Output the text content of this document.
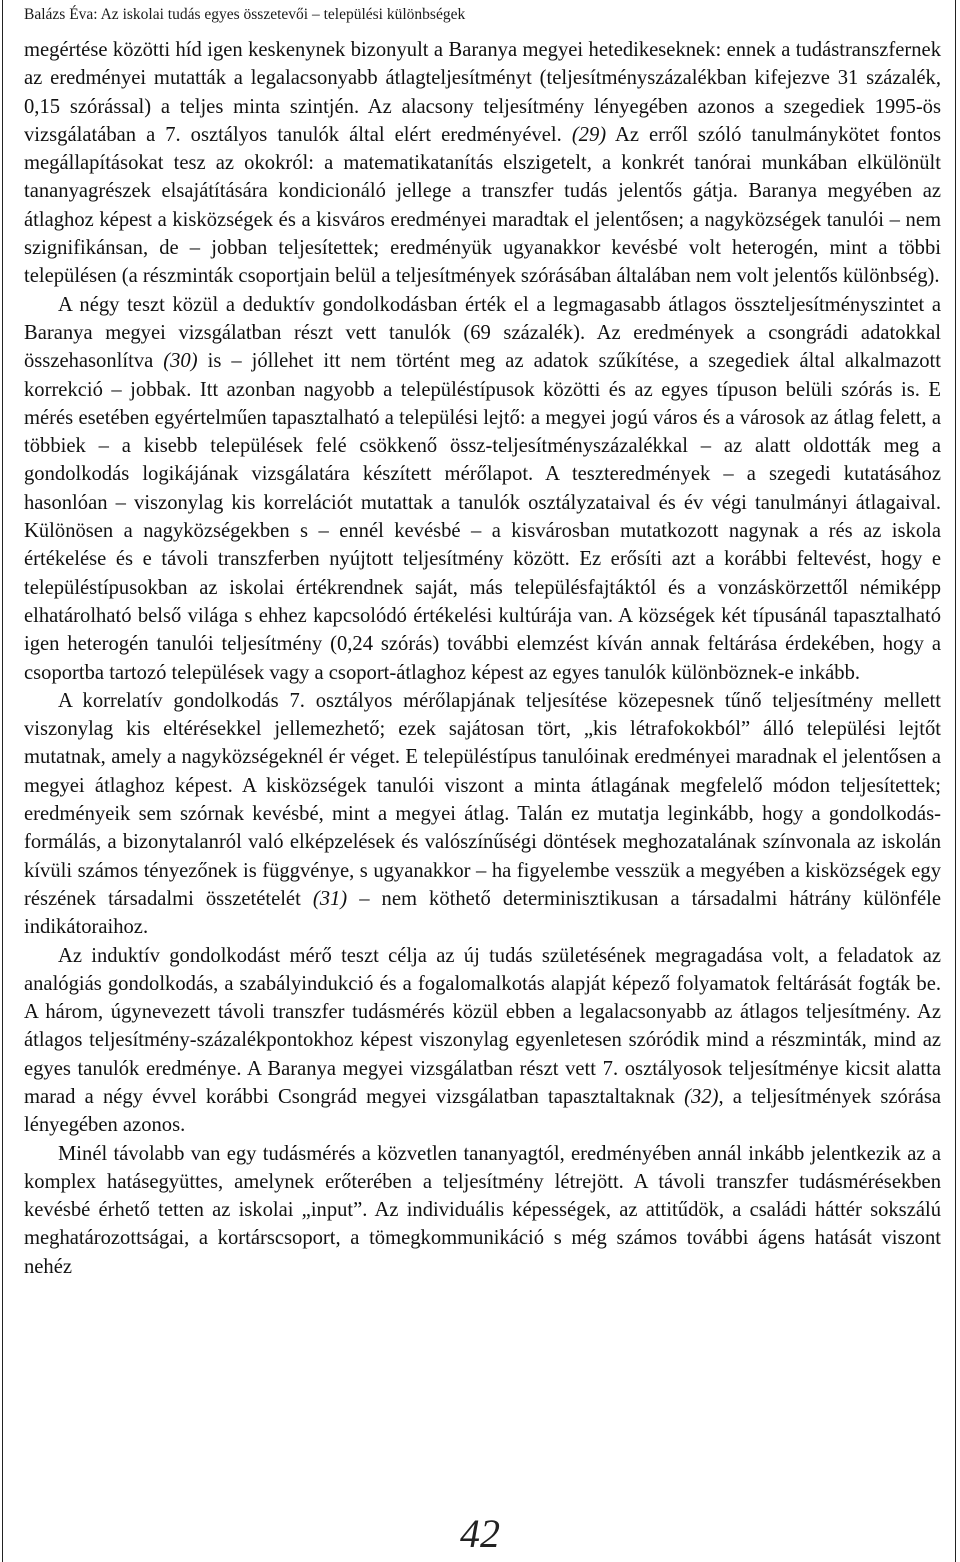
Balázs Éva: Az iskolai tudás egyes összetevői – települési különbségek

megértése közötti híd igen keskenynek bizonyult a Baranya megyei hetedikeseknek: ennek a tudástranszfernek az eredményei mutatták a legalacsonyabb átlagteljesítményt (teljesítményszázalékban kifejezve 31 százalék, 0,15 szórással) a teljes minta szintjén. Az alacsony teljesítmény lényegében azonos a szegediek 1995-ös vizsgálatában a 7. osztályos tanulók által elért eredményével. (29) Az erről szóló tanulmánykötet fontos megállapításokat tesz az okokról: a matematikatanítás elszigetelt, a konkrét tanórai munkában elkülönült tananyagrészek elsajátítására kondicionáló jellege a transzfer tudás jelentős gátja. Baranya megyében az átlaghoz képest a kisközségek és a kisváros eredményei maradtak el jelentősen; a nagyközségek tanulói – nem szignifikánsan, de – jobban teljesítettek; eredményük ugyanakkor kevésbé volt heterogén, mint a többi településen (a részminták csoportjain belül a teljesítmények szórásában általában nem volt jelentős különbség).

A négy teszt közül a deduktív gondolkodásban érték el a legmagasabb átlagos összteljesítményszintet a Baranya megyei vizsgálatban részt vett tanulók (69 százalék). Az eredmények a csongrádi adatokkal összehasonlítva (30) is – jóllehet itt nem történt meg az adatok szűkítése, a szegediek által alkalmazott korrekció – jobbak. Itt azonban nagyobb a településtípusok közötti és az egyes típuson belüli szórás is. E mérés esetében egyértelműen tapasztalható a települési lejtő: a megyei jogú város és a városok az átlag felett, a többiek – a kisebb települések felé csökkenő össz-teljesítményszázalékkal – az alatt oldották meg a gondolkodás logikájának vizsgálatára készített mérőlapot. A teszteredmények – a szegedi kutatásához hasonlóan – viszonylag kis korrelációt mutattak a tanulók osztályzataival és év végi tanulmányi átlagaival. Különösen a nagyközségekben s – ennél kevésbé – a kisvárosban mutatkozott nagynak a rés az iskola értékelése és e távoli transzferben nyújtott teljesítmény között. Ez erősíti azt a korábbi feltevést, hogy e településtípusokban az iskolai értékrendnek saját, más településfajtáktól és a vonzáskörzettől némiképp elhatárolható belső világa s ehhez kapcsolódó értékelési kultúrája van. A községek két típusánál tapasztalható igen heterogén tanulói teljesítmény (0,24 szórás) további elemzést kíván annak feltárása érdekében, hogy a csoportba tartozó települések vagy a csoport-átlaghoz képest az egyes tanulók különböznek-e inkább.

A korrelatív gondolkodás 7. osztályos mérőlapjának teljesítése közepesnek tűnő teljesítmény mellett viszonylag kis eltérésekkel jellemezhető; ezek sajátosan tört, „kis létrafokokból” álló települési lejtőt mutatnak, amely a nagyközségeknél ér véget. E településtípus tanulóinak eredményei maradnak el jelentősen a megyei átlaghoz képest. A kisközségek tanulói viszont a minta átlagának megfelelő módon teljesítettek; eredményeik sem szórnak kevésbé, mint a megyei átlag. Talán ez mutatja leginkább, hogy a gondolkodás-formálás, a bizonytalanról való elképzelések és valószínűségi döntések meghozatalának színvonala az iskolán kívüli számos tényezőnek is függvénye, s ugyanakkor – ha figyelembe vesszük a megyében a kisközségek egy részének társadalmi összetételét (31) – nem köthető determinisztikusan a társadalmi hátrány különféle indikátoraihoz.

Az induktív gondolkodást mérő teszt célja az új tudás születésének megragadása volt, a feladatok az analógiás gondolkodás, a szabályindukció és a fogalomalkotás alapját képező folyamatok feltárását fogták be. A három, úgynevezett távoli transzfer tudásmérés közül ebben a legalacsonyabb az átlagos teljesítmény. Az átlagos teljesítmény-százalékpontokhoz képest viszonylag egyenletesen szóródik mind a részminták, mind az egyes tanulók eredménye. A Baranya megyei vizsgálatban részt vett 7. osztályosok teljesítménye kicsit alatta marad a négy évvel korábbi Csongrád megyei vizsgálatban tapasztaltaknak (32), a teljesítmények szórása lényegében azonos.

Minél távolabb van egy tudásmérés a közvetlen tananyagtól, eredményében annál inkább jelentkezik az a komplex hatásegyüttes, amelynek erőterében a teljesítmény létrejött. A távoli transzfer tudásmérésekben kevésbé érhető tetten az iskolai „input”. Az individuális képességek, az attitűdök, a családi háttér sokszálú meghatározottságai, a kortárscsoport, a tömegkommunikáció s még számos további ágens hatását viszont nehéz

42
